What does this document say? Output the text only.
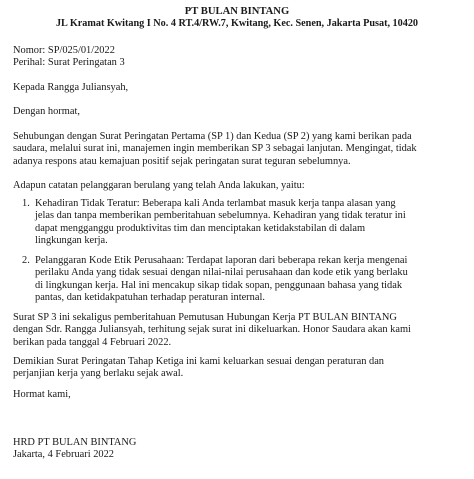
PT BULAN BINTANG
JL Kramat Kwitang I No. 4 RT.4/RW.7, Kwitang, Kec. Senen, Jakarta Pusat, 10420
Nomor: SP/025/01/2022
Perihal: Surat Peringatan 3
Kepada Rangga Juliansyah,
Dengan hormat,
Sehubungan dengan Surat Peringatan Pertama (SP 1) dan Kedua (SP 2) yang kami berikan pada
saudara, melalui surat ini, manajemen ingin memberikan SP 3 sebagai lanjutan. Mengingat, tidak
adanya respons atau kemajuan positif sejak peringatan surat teguran sebelumnya.
Adapun catatan pelanggaran berulang yang telah Anda lakukan, yaitu:
1. Kehadiran Tidak Teratur: Beberapa kali Anda terlambat masuk kerja tanpa alasan yang
jelas dan tanpa memberikan pemberitahuan sebelumnya. Kehadiran yang tidak teratur ini
dapat mengganggu produktivitas tim dan menciptakan ketidakstabilan di dalam
lingkungan kerja.
2. Pelanggaran Kode Etik Perusahaan: Terdapat laporan dari beberapa rekan kerja mengenai
perilaku Anda yang tidak sesuai dengan nilai-nilai perusahaan dan kode etik yang berlaku
di lingkungan kerja. Hal ini mencakup sikap tidak sopan, penggunaan bahasa yang tidak
pantas, dan ketidakpatuhan terhadap peraturan internal.
Surat SP 3 ini sekaligus pemberitahuan Pemutusan Hubungan Kerja PT BULAN BINTANG
dengan Sdr. Rangga Juliansyah, terhitung sejak surat ini dikeluarkan. Honor Saudara akan kami
berikan pada tanggal 4 Februari 2022.
Demikian Surat Peringatan Tahap Ketiga ini kami keluarkan sesuai dengan peraturan dan
perjanjian kerja yang berlaku sejak awal.
Hormat kami,
HRD PT BULAN BINTANG
Jakarta, 4 Februari 2022
